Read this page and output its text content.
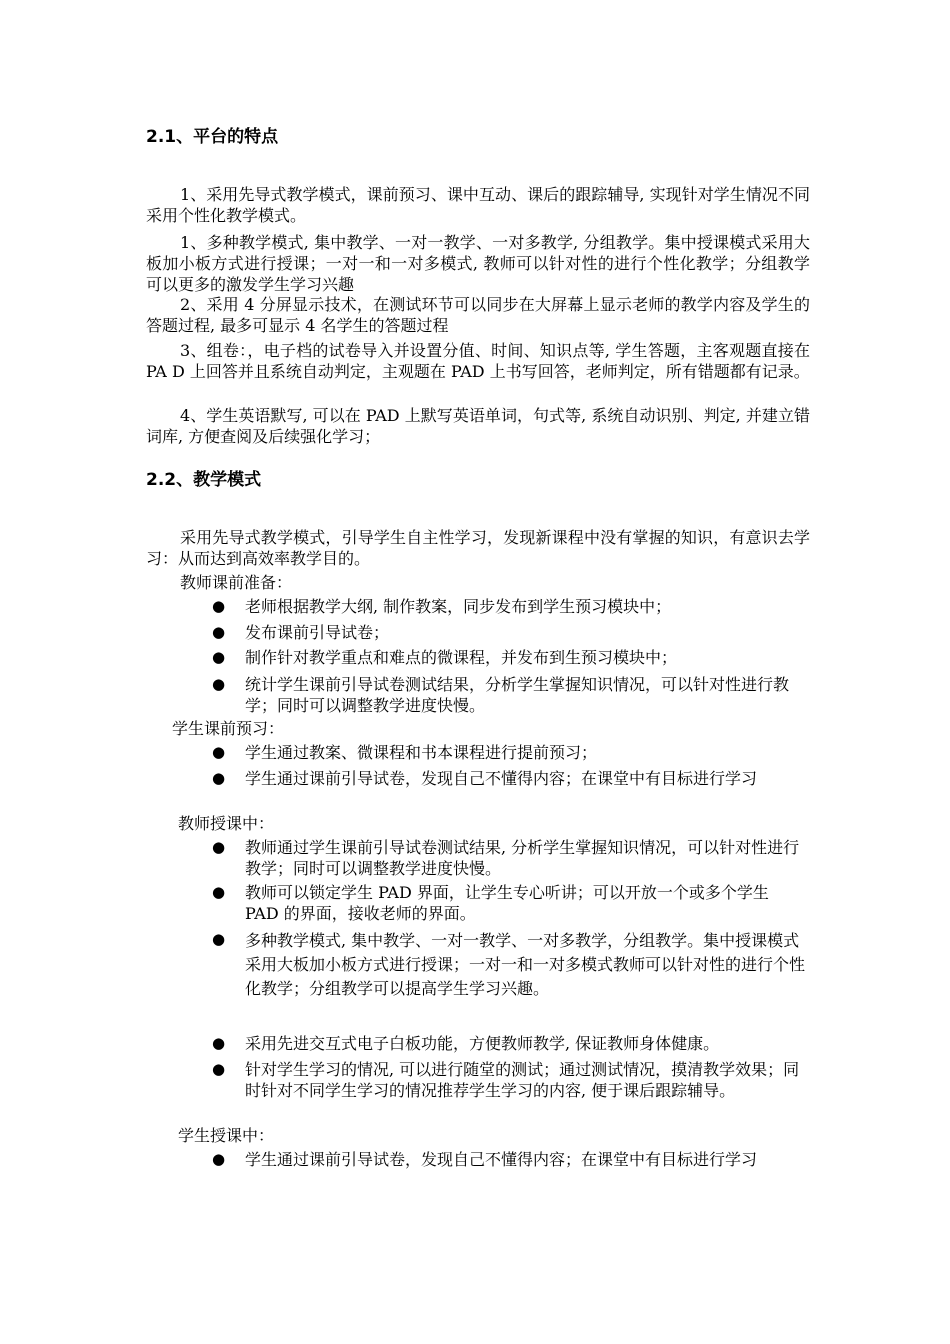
2.1、平台的特点
1、采用先导式教学模式，课前预习、课中互动、课后的跟踪辅导, 实现针对学生情况不同采用个性化教学模式。
1、多种教学模式, 集中教学、一对一教学、一对多教学, 分组教学。集中授课模式采用大板加小板方式进行授课；一对一和一对多模式, 教师可以针对性的进行个性化教学；分组教学可以更多的激发学生学习兴趣
2、采用 4 分屏显示技术，在测试环节可以同步在大屏幕上显示老师的教学内容及学生的答题过程, 最多可显示 4 名学生的答题过程
3、组卷：，电子档的试卷导入并设置分值、时间、知识点等, 学生答题，主客观题直接在 PA D 上回答并且系统自动判定，主观题在 PAD 上书写回答，老师判定，所有错题都有记录。
4、学生英语默写, 可以在 PAD 上默写英语单词，句式等, 系统自动识别、判定, 并建立错词库, 方便查阅及后续强化学习；
2.2、教学模式
采用先导式教学模式，引导学生自主性学习，发现新课程中没有掌握的知识，有意识去学习：从而达到高效率教学目的。
教师课前准备：
●	老师根据教学大纲, 制作教案，同步发布到学生预习模块中；
●	发布课前引导试卷；
●	制作针对教学重点和难点的微课程，并发布到生预习模块中；
●	统计学生课前引导试卷测试结果，分析学生掌握知识情况，可以针对性进行教学；同时可以调整教学进度快慢。
学生课前预习：
●	学生通过教案、微课程和书本课程进行提前预习；
●	学生通过课前引导试卷，发现自己不懂得内容；在课堂中有目标进行学习
教师授课中：
●	教师通过学生课前引导试卷测试结果, 分析学生掌握知识情况，可以针对性进行教学；同时可以调整教学进度快慢。
●	教师可以锁定学生 PAD 界面，让学生专心听讲；可以开放一个或多个学生 PAD 的界面，接收老师的界面。
●	多种教学模式, 集中教学、一对一教学、一对多教学，分组教学。集中授课模式采用大板加小板方式进行授课；一对一和一对多模式教师可以针对性的进行个性化教学；分组教学可以提高学生学习兴趣。
●	采用先进交互式电子白板功能，方便教师教学, 保证教师身体健康。
●	针对学生学习的情况, 可以进行随堂的测试；通过测试情况，摸清教学效果；同时针对不同学生学习的情况推荐学生学习的内容, 便于课后跟踪辅导。
学生授课中：
●	学生通过课前引导试卷，发现自己不懂得内容；在课堂中有目标进行学习
